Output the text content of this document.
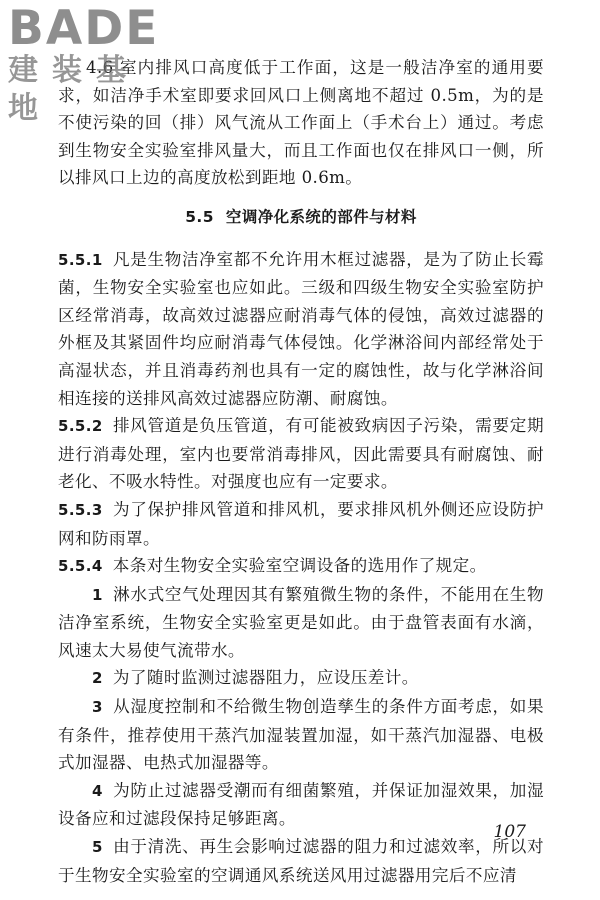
BADE
建装基地

4.6 室内排风口高度低于工作面，这是一般洁净室的通用要求，如洁净手术室即要求回风口上侧离地不超过 0.5m，为的是不使污染的回（排）风气流从工作面上（手术台上）通过。考虑到生物安全实验室排风量大，而且工作面也仅在排风口一侧，所以排风口上边的高度放松到距地 0.6m。

5.5 空调净化系统的部件与材料

5.5.1 凡是生物洁净室都不允许用木框过滤器，是为了防止长霉菌，生物安全实验室也应如此。三级和四级生物安全实验室防护区经常消毒，故高效过滤器应耐消毒气体的侵蚀，高效过滤器的外框及其紧固件均应耐消毒气体侵蚀。化学淋浴间内部经常处于高湿状态，并且消毒药剂也具有一定的腐蚀性，故与化学淋浴间相连接的送排风高效过滤器应防潮、耐腐蚀。

5.5.2 排风管道是负压管道，有可能被致病因子污染，需要定期进行消毒处理，室内也要常消毒排风，因此需要具有耐腐蚀、耐老化、不吸水特性。对强度也应有一定要求。

5.5.3 为了保护排风管道和排风机，要求排风机外侧还应设防护网和防雨罩。

5.5.4 本条对生物安全实验室空调设备的选用作了规定。

1 淋水式空气处理因其有繁殖微生物的条件，不能用在生物洁净室系统，生物安全实验室更是如此。由于盘管表面有水滴，风速太大易使气流带水。

2 为了随时监测过滤器阻力，应设压差计。

3 从湿度控制和不给微生物创造孳生的条件方面考虑，如果有条件，推荐使用干蒸汽加湿装置加湿，如干蒸汽加湿器、电极式加湿器、电热式加湿器等。

4 为防止过滤器受潮而有细菌繁殖，并保证加湿效果，加湿设备应和过滤段保持足够距离。

5 由于清洗、再生会影响过滤器的阻力和过滤效率，所以对于生物安全实验室的空调通风系统送风用过滤器用完后不应清

107
